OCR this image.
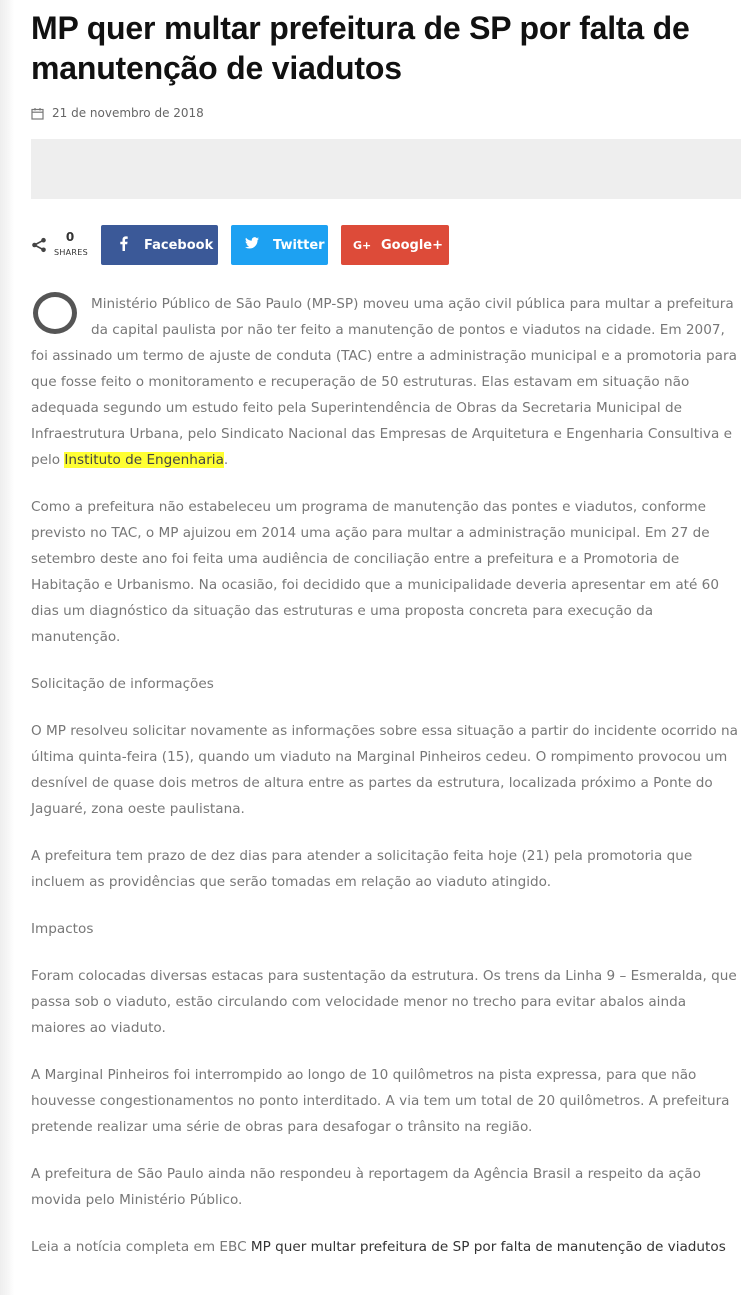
MP quer multar prefeitura de SP por falta de manutenção de viadutos
21 de novembro de 2018
0
SHARES	Facebook	Twitter	G+ Google+

Ministério Público de São Paulo (MP-SP) moveu uma ação civil pública para multar a prefeitura da capital paulista por não ter feito a manutenção de pontos e viadutos na cidade. Em 2007, foi assinado um termo de ajuste de conduta (TAC) entre a administração municipal e a promotoria para que fosse feito o monitoramento e recuperação de 50 estruturas. Elas estavam em situação não adequada segundo um estudo feito pela Superintendência de Obras da Secretaria Municipal de Infraestrutura Urbana, pelo Sindicato Nacional das Empresas de Arquitetura e Engenharia Consultiva e pelo Instituto de Engenharia.

Como a prefeitura não estabeleceu um programa de manutenção das pontes e viadutos, conforme previsto no TAC, o MP ajuizou em 2014 uma ação para multar a administração municipal. Em 27 de setembro deste ano foi feita uma audiência de conciliação entre a prefeitura e a Promotoria de Habitação e Urbanismo. Na ocasião, foi decidido que a municipalidade deveria apresentar em até 60 dias um diagnóstico da situação das estruturas e uma proposta concreta para execução da manutenção.

Solicitação de informações

O MP resolveu solicitar novamente as informações sobre essa situação a partir do incidente ocorrido na última quinta-feira (15), quando um viaduto na Marginal Pinheiros cedeu. O rompimento provocou um desnível de quase dois metros de altura entre as partes da estrutura, localizada próximo a Ponte do Jaguaré, zona oeste paulistana.

A prefeitura tem prazo de dez dias para atender a solicitação feita hoje (21) pela promotoria que incluem as providências que serão tomadas em relação ao viaduto atingido.

Impactos

Foram colocadas diversas estacas para sustentação da estrutura. Os trens da Linha 9 – Esmeralda, que passa sob o viaduto, estão circulando com velocidade menor no trecho para evitar abalos ainda maiores ao viaduto.

A Marginal Pinheiros foi interrompido ao longo de 10 quilômetros na pista expressa, para que não houvesse congestionamentos no ponto interditado. A via tem um total de 20 quilômetros. A prefeitura pretende realizar uma série de obras para desafogar o trânsito na região.

A prefeitura de São Paulo ainda não respondeu à reportagem da Agência Brasil a respeito da ação movida pelo Ministério Público.

Leia a notícia completa em EBC MP quer multar prefeitura de SP por falta de manutenção de viadutos
